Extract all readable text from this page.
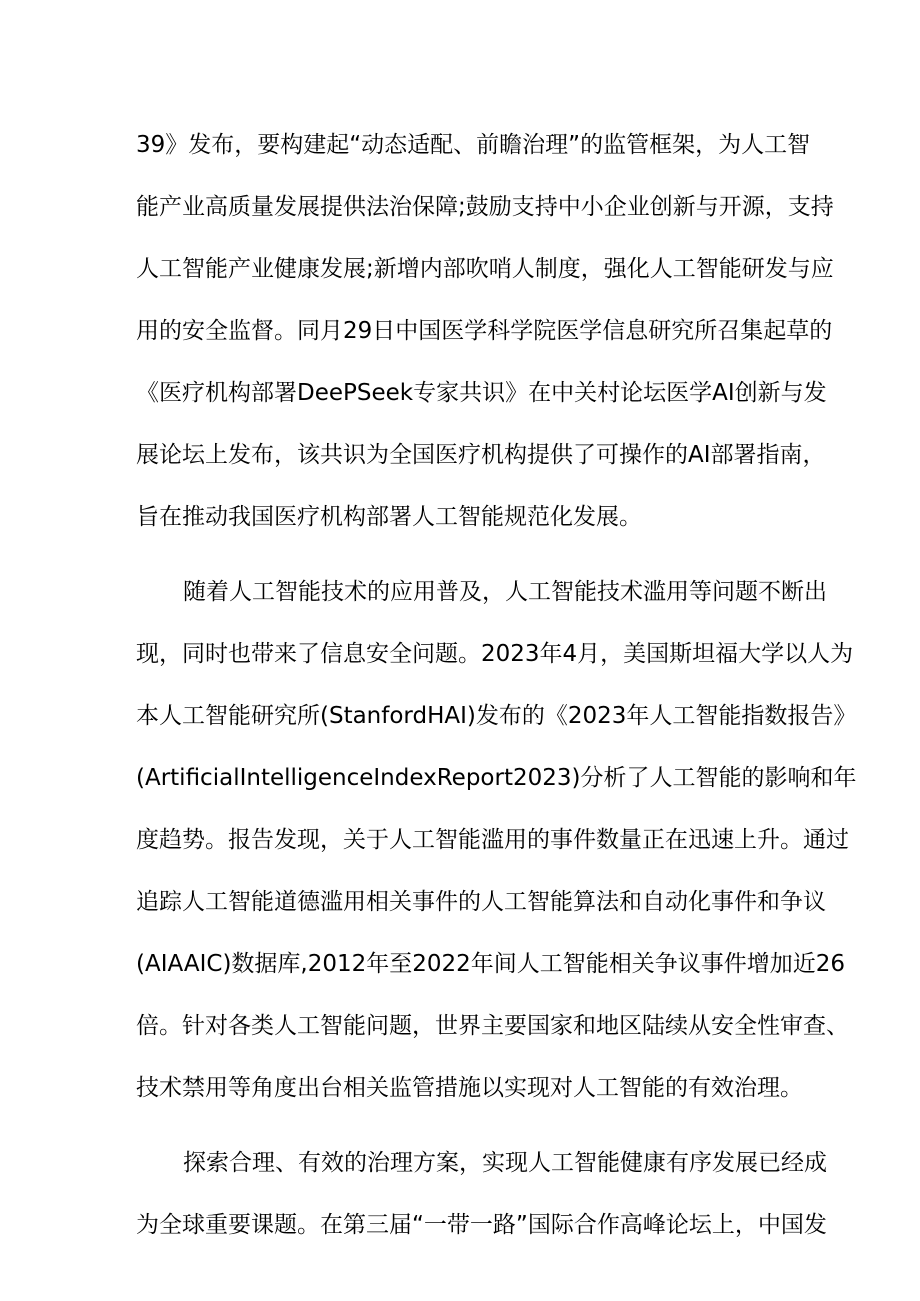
39》发布，要构建起“动态适配、前瞻治理”的监管框架，为人工智
能产业高质量发展提供法治保障;鼓励支持中小企业创新与开源，支持
人工智能产业健康发展;新增内部吹哨人制度，强化人工智能研发与应
用的安全监督。同月29日中国医学科学院医学信息研究所召集起草的
《医疗机构部署DeePSeek专家共识》在中关村论坛医学AI创新与发
展论坛上发布，该共识为全国医疗机构提供了可操作的AI部署指南，
旨在推动我国医疗机构部署人工智能规范化发展。
随着人工智能技术的应用普及，人工智能技术滥用等问题不断出
现，同时也带来了信息安全问题。2023年4月，美国斯坦福大学以人为
本人工智能研究所(StanfordHAI)发布的《2023年人工智能指数报告》
(ArtificialIntelligenceIndexReport2023)分析了人工智能的影响和年
度趋势。报告发现，关于人工智能滥用的事件数量正在迅速上升。通过
追踪人工智能道德滥用相关事件的人工智能算法和自动化事件和争议
(AIAAIC)数据库,2012年至2022年间人工智能相关争议事件增加近26
倍。针对各类人工智能问题，世界主要国家和地区陆续从安全性审查、
技术禁用等角度出台相关监管措施以实现对人工智能的有效治理。
探索合理、有效的治理方案，实现人工智能健康有序发展已经成
为全球重要课题。在第三届“一带一路”国际合作高峰论坛上，中国发
